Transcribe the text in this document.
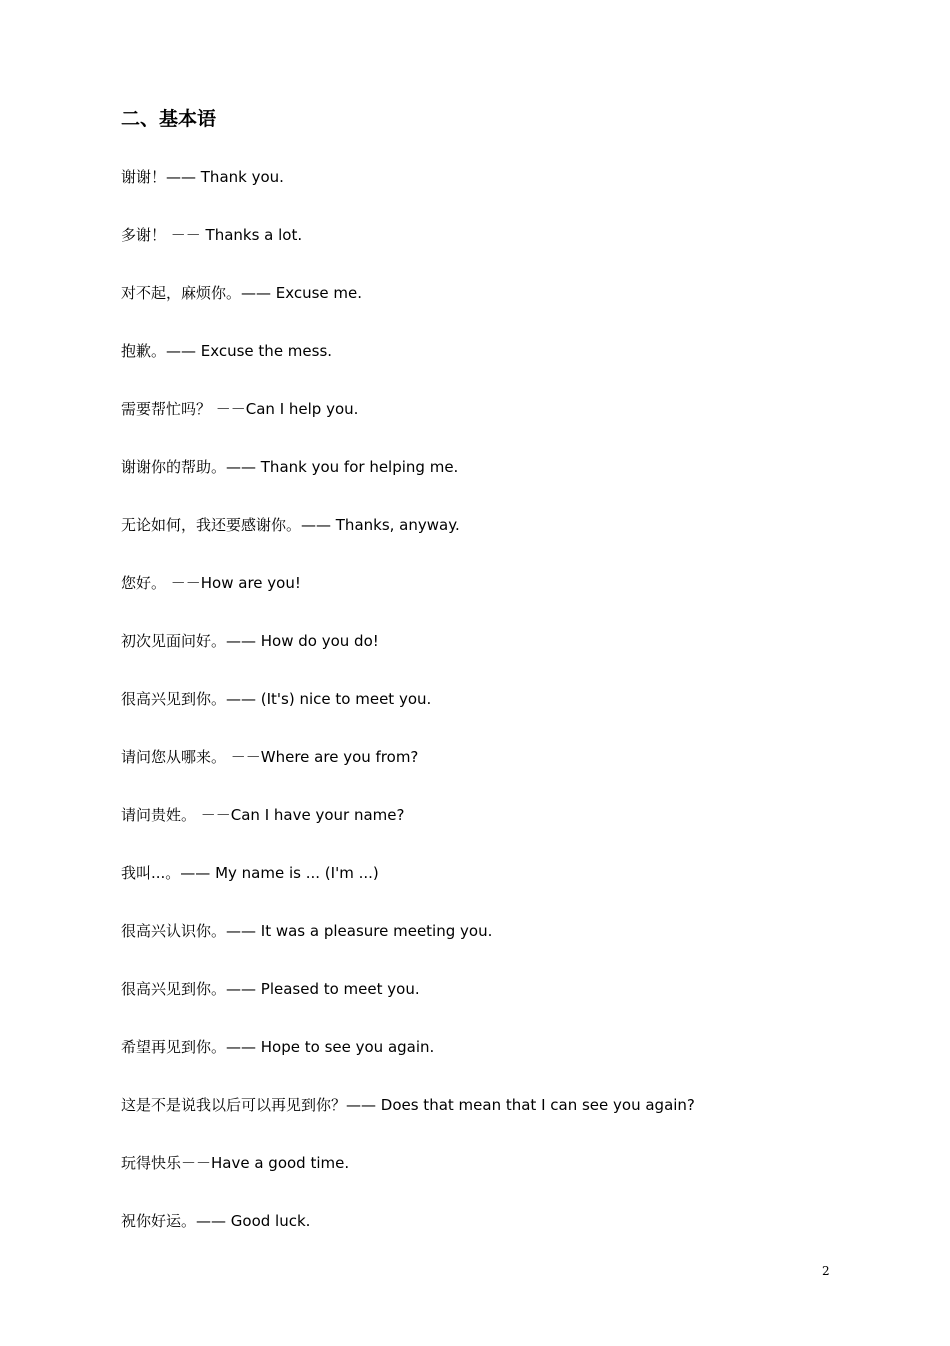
二、基本语
谢谢！—— Thank you.
多谢！ －－ Thanks a lot.
对不起，麻烦你。—— Excuse me.
抱歉。—— Excuse the mess.
需要帮忙吗？ －－Can I help you.
谢谢你的帮助。—— Thank you for helping me.
无论如何，我还要感谢你。—— Thanks, anyway.
您好。 －－How are you!
初次见面问好。—— How do you do!
很高兴见到你。—— (It's) nice to meet you.
请问您从哪来。 －－Where are you from?
请问贵姓。 －－Can I have your name?
我叫...。—— My name is ... (I'm ...)
很高兴认识你。—— It was a pleasure meeting you.
很高兴见到你。—— Pleased to meet you.
希望再见到你。—— Hope to see you again.
这是不是说我以后可以再见到你？—— Does that mean that I can see you again?
玩得快乐－－Have a good time.
祝你好运。—— Good luck.
2
